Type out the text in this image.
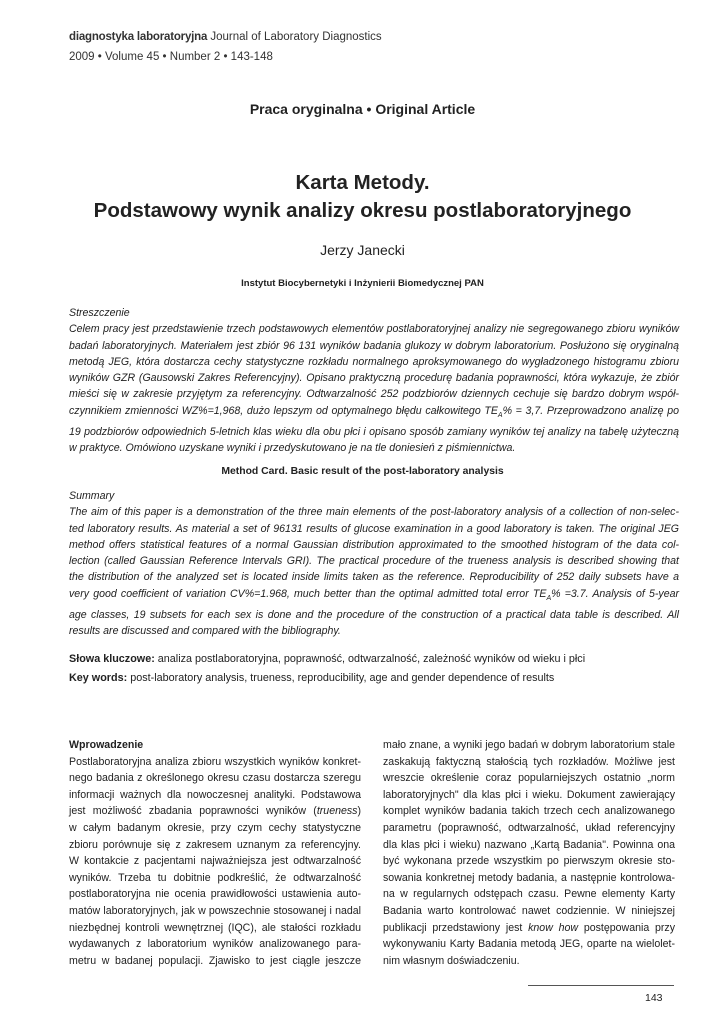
diagnostyka laboratoryjna Journal of Laboratory Diagnostics
2009 • Volume 45 • Number 2 • 143-148
Praca oryginalna • Original Article
Karta Metody.
Podstawowy wynik analizy okresu postlaboratoryjnego
Jerzy Janecki
Instytut Biocybernetyki i Inżynierii Biomedycznej PAN
Streszczenie
Celem pracy jest przedstawienie trzech podstawowych elementów postlaboratoryjnej analizy nie segregowanego zbioru wyników
badań laboratoryjnych. Materiałem jest zbiór 96 131 wyników badania glukozy w dobrym laboratorium. Posłużono się oryginalną
metodą JEG, która dostarcza cechy statystyczne rozkładu normalnego aproksymowanego do wygładzonego histogramu zbioru
wyników GZR (Gausowski Zakres Referencyjny). Opisano praktyczną procedurę badania poprawności, która wykazuje, że zbiór
mieści się w zakresie przyjętym za referencyjny. Odtwarzalność 252 podzbiorów dziennych cechuje się bardzo dobrym współ-
czynnikiem zmienności WZ%=1,968, dużo lepszym od optymalnego błędu całkowitego $TE_A\% = 3,7$. Przeprowadzono analizę po
19 podzbiorów odpowiednich 5-letnich klas wieku dla obu płci i opisano sposób zamiany wyników tej analizy na tabelę użyteczną
w praktyce. Omówiono uzyskane wyniki i przedyskutowano je na tle doniesień z piśmiennictwa.
Method Card. Basic result of the post-laboratory analysis
Summary
The aim of this paper is a demonstration of the three main elements of the post-laboratory analysis of a collection of non-selec-
ted laboratory results. As material a set of 96131 results of glucose examination in a good laboratory is taken. The original JEG
method offers statistical features of a normal Gaussian distribution approximated to the smoothed histogram of the data col-
lection (called Gaussian Reference Intervals GRI). The practical procedure of the trueness analysis is described showing that
the distribution of the analyzed set is located inside limits taken as the reference. Reproducibility of 252 daily subsets have a
very good coefficient of variation CV%=1.968, much better than the optimal admitted total error $TE_A\% =3.7$. Analysis of 5-year
age classes, 19 subsets for each sex is done and the procedure of the construction of a practical data table is described. All
results are discussed and compared with the bibliography.
Słowa kluczowe: analiza postlaboratoryjna, poprawność, odtwarzalność, zależność wyników od wieku i płci
Key words: post-laboratory analysis, trueness, reproducibility, age and gender dependence of results
Wprowadzenie
Postlaboratoryjna analiza zbioru wszystkich wyników konkret-
nego badania z określonego okresu czasu dostarcza szeregu
informacji ważnych dla nowoczesnej analityki. Podstawowa
jest możliwość zbadania poprawności wyników (trueness)
w całym badanym okresie, przy czym cechy statystyczne
zbioru porównuje się z zakresem uznanym za referencyjny.
W kontakcie z pacjentami najważniejsza jest odtwarzalność
wyników. Trzeba tu dobitnie podkreślić, że odtwarzalność
postlaboratoryjna nie ocenia prawidłowości ustawienia auto-
matów laboratoryjnych, jak w powszechnie stosowanej i nadal
niezbędnej kontroli wewnętrznej (IQC), ale stałości rozkładu
wydawanych z laboratorium wyników analizowanego para-
metru w badanej populacji. Zjawisko to jest ciągle jeszcze
mało znane, a wyniki jego badań w dobrym laboratorium stale
zaskakują faktyczną stałością tych rozkładów. Możliwe jest
wreszcie określenie coraz popularniejszych ostatnio „norm
laboratoryjnych" dla klas płci i wieku. Dokument zawierający
komplet wyników badania takich trzech cech analizowanego
parametru (poprawność, odtwarzalność, układ referencyjny
dla klas płci i wieku) nazwano „Kartą Badania". Powinna ona
być wykonana przede wszystkim po pierwszym okresie sto-
sowania konkretnej metody badania, a następnie kontrolowa-
na w regularnych odstępach czasu. Pewne elementy Karty
Badania warto kontrolować nawet codziennie. W niniejszej
publikacji przedstawiony jest know how postępowania przy
wykonywaniu Karty Badania metodą JEG, oparte na wielolet-
nim własnym doświadczeniu.
143
